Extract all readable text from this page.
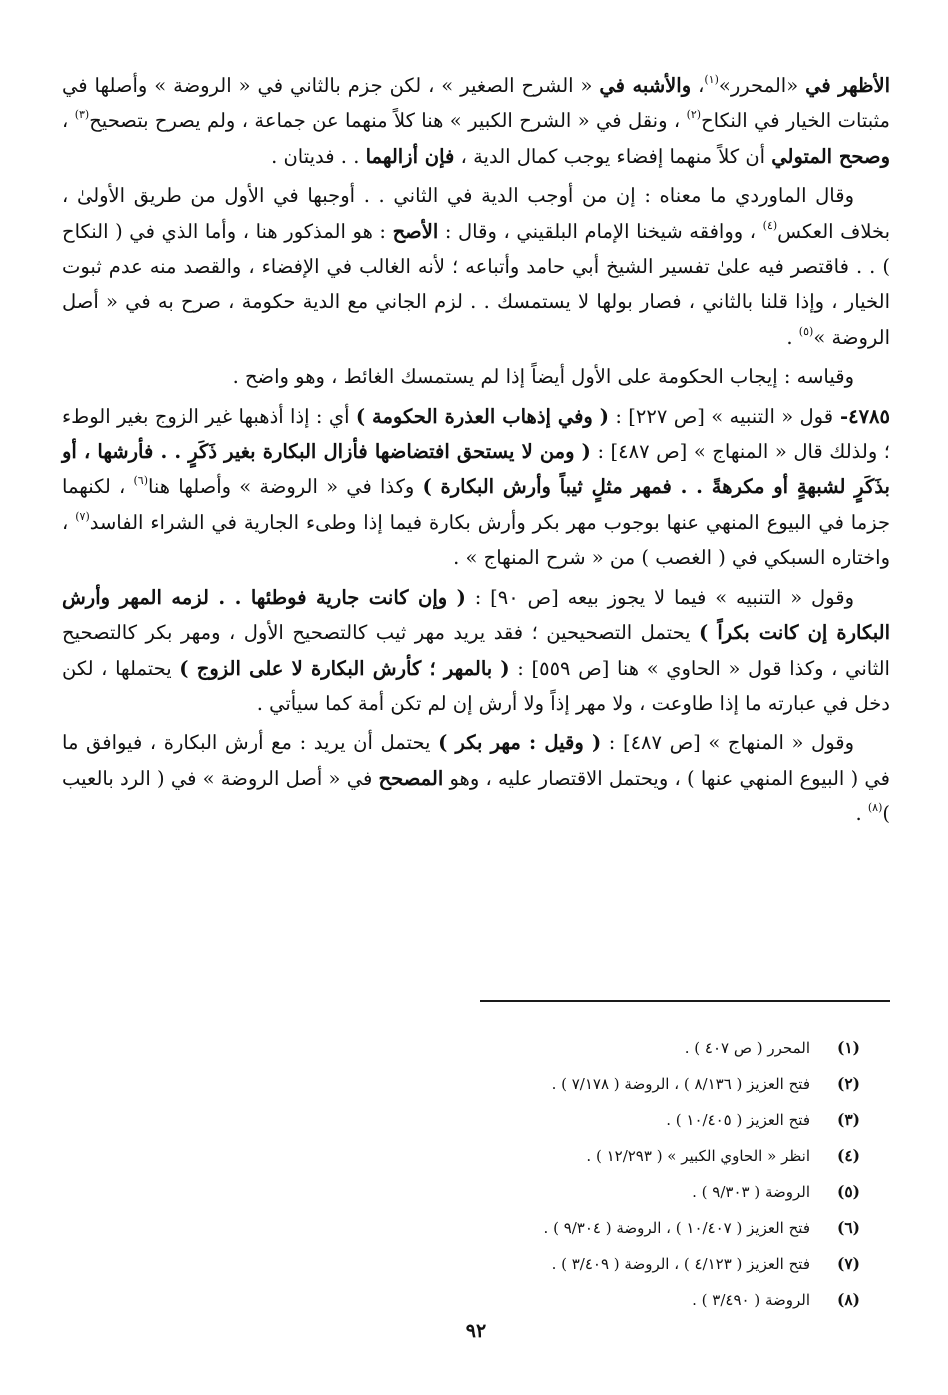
الأظهر في «المحرر»$^{(١)}$، والأشبه في « الشرح الصغير » ، لكن جزم بالثاني في « الروضة » وأصلها في مثبتات الخيار في النكاح$^{(٢)}$ ، ونقل في « الشرح الكبير » هنا كلاً منهما عن جماعة ، ولم يصرح بتصحيح$^{(٣)}$ ، وصحح المتولي أن كلاً منهما إفضاء يوجب كمال الدية ، فإن أزالهما . . فديتان .

وقال الماوردي ما معناه : إن من أوجب الدية في الثاني . . أوجبها في الأول من طريق الأولىٰ ، بخلاف العكس$^{(٤)}$ ، ووافقه شيخنا الإمام البلقيني ، وقال : الأصح : هو المذكور هنا ، وأما الذي في ( النكاح ) . . فاقتصر فيه علىٰ تفسير الشيخ أبي حامد وأتباعه ؛ لأنه الغالب في الإفضاء ، والقصد منه عدم ثبوت الخيار ، وإذا قلنا بالثاني ، فصار بولها لا يستمسك . . لزم الجاني مع الدية حكومة ، صرح به في « أصل الروضة »$^{(٥)}$ .

وقياسه : إيجاب الحكومة على الأول أيضاً إذا لم يستمسك الغائط ، وهو واضح .

٤٧٨٥- قول « التنبيه » [ص ٢٢٧] : ( وفي إذهاب العذرة الحكومة ) أي : إذا أذهبها غير الزوج بغير الوطء ؛ ولذلك قال « المنهاج » [ص ٤٨٧] : ( ومن لا يستحق افتضاضها فأزال البكارة بغير ذَكَرٍ . . فأرشها ، أو بذَكَرٍ لشبهةٍ أو مكرهةً . . فمهر مثلٍ ثيباً وأرش البكارة ) وكذا في « الروضة » وأصلها هنا$^{(٦)}$ ، لكنهما جزما في البيوع المنهي عنها بوجوب مهر بكر وأرش بكارة فيما إذا وطىء الجارية في الشراء الفاسد$^{(٧)}$ ، واختاره السبكي في ( الغصب ) من « شرح المنهاج » .

وقول « التنبيه » فيما لا يجوز بيعه [ص ٩٠] : ( وإن كانت جارية فوطئها . . لزمه المهر وأرش البكارة إن كانت بكراً ) يحتمل التصحيحين ؛ فقد يريد مهر ثيب كالتصحيح الأول ، ومهر بكر كالتصحيح الثاني ، وكذا قول « الحاوي » هنا [ص ٥٥٩] : ( بالمهر ؛ كأرش البكارة لا على الزوج ) يحتملها ، لكن دخل في عبارته ما إذا طاوعت ، ولا مهر إذاً ولا أرش إن لم تكن أمة كما سيأتي .

وقول « المنهاج » [ص ٤٨٧] : ( وقيل : مهر بكر ) يحتمل أن يريد : مع أرش البكارة ، فيوافق ما في ( البيوع المنهي عنها ) ، ويحتمل الاقتصار عليه ، وهو المصحح في « أصل الروضة » في ( الرد بالعيب )$^{(٨)}$ .

(١)
المحرر ( ص ٤٠٧ ) .
(٢)
فتح العزيز ( ٨/١٣٦ ) ، الروضة ( ٧/١٧٨ ) .
(٣)
فتح العزيز ( ١٠/٤٠٥ ) .
(٤)
انظر « الحاوي الكبير » ( ١٢/٢٩٣ ) .
(٥)
الروضة ( ٩/٣٠٣ ) .
(٦)
فتح العزيز ( ١٠/٤٠٧ ) ، الروضة ( ٩/٣٠٤ ) .
(٧)
فتح العزيز ( ٤/١٢٣ ) ، الروضة ( ٣/٤٠٩ ) .
(٨)
الروضة ( ٣/٤٩٠ ) .
٩٢
